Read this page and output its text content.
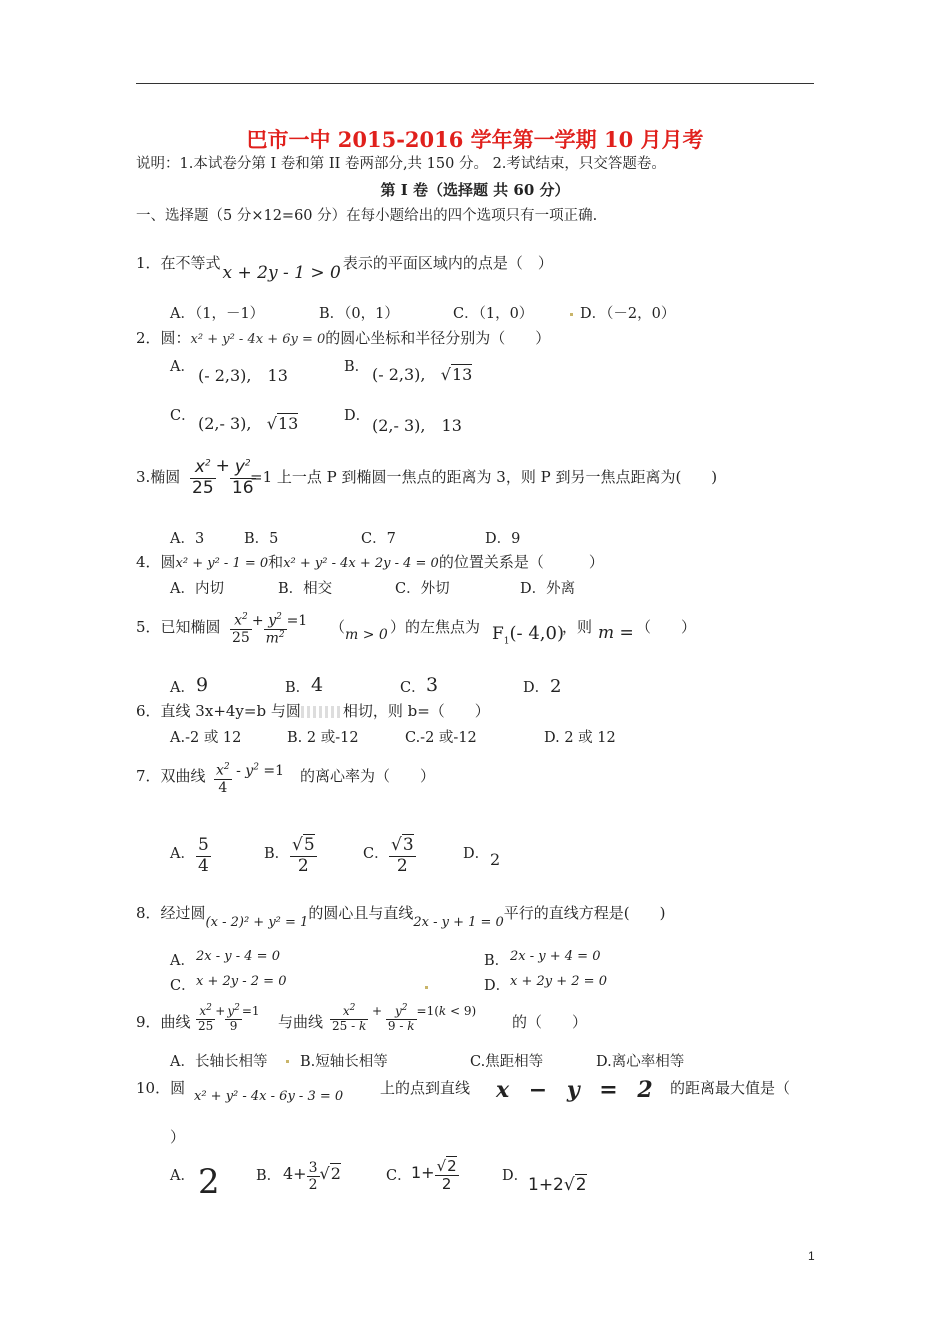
巴市一中 2015-2016 学年第一学期 10 月月考
说明：1.本试卷分第 I 卷和第 II 卷两部分,共 150 分。 2.考试结束，只交答题卷。
第 I 卷（选择题 共 60 分）
一、选择题（5 分×12=60 分）在每小题给出的四个选项只有一项正确.
1．在不等式 x + 2y - 1 > 0 表示的平面区域内的点是（　）
A．（1，－1）	B．（0，1）	C．（1，0）	D．（－2，0）
2．圆：x² + y² - 4x + 6y = 0的圆心坐标和半径分别为（　　）
A． (- 2,3),　13	B． (- 2,3), √13
C． (2,- 3), √13	D． (2,- 3),　13
3.椭圆 $\frac{x^2}{25} + \frac{y^2}{16}$
=1 上一点 P 到椭圆一焦点的距离为 3，则 P 到另一焦点距离为(　　)
A．3	B．5	C．7	D．9
4．圆x² + y² - 1 = 0和x² + y² - 4x + 2y - 4 = 0的位置关系是（　　　）
A．内切	B．相交	C．外切	D．外离
5．已知椭圆 $\frac{x^2}{25} + \frac{y^2}{m^2} =1$ （ m > 0 ）的左焦点为 $F_1(-$ 4,0)
，则 m = （　　）
A． 9	B． 4	C． 3	D． 2
6．直线 3x+4y=b 与圆	相切，则 b=（　　）
A.-2 或 12	B. 2 或-12	C.-2 或-12	D. 2 或 12
7．双曲线 $\frac{x^2}{4} - y^2 =1$ 的离心率为（　　）
A． $\frac{5}{4}$	B． $\frac{√5}{2}$	C． $\frac{√3}{2}$	D． 2
8．经过圆(x - 2)² + y² = 1的圆心且与直线2x - y + 1 = 0平行的直线方程是(　　)
A． 2x - y - 4 = 0	B． 2x - y + 4 = 0
C． x + 2y - 2 = 0	D． x + 2y + 2 = 0
9．曲线 $\frac{x^2}{25} + \frac{y^2}{9} =1$
与曲线 $\frac{x^2}{25 - k} + \frac{y^2}{9 - k} =1(k < 9)$
的（　　）
A．长轴长相等 B.短轴长相等	C.焦距相等	D.离心率相等
10．圆 x² + y² - 4x - 6y - 3 = 0 上的点到直线 x − y = 2 的距离最大值是（
）
A． 2	B． $4+ \frac{3}{2} √2$	C． $1+ \frac{√2}{2}$	D． 1+2√2
1
